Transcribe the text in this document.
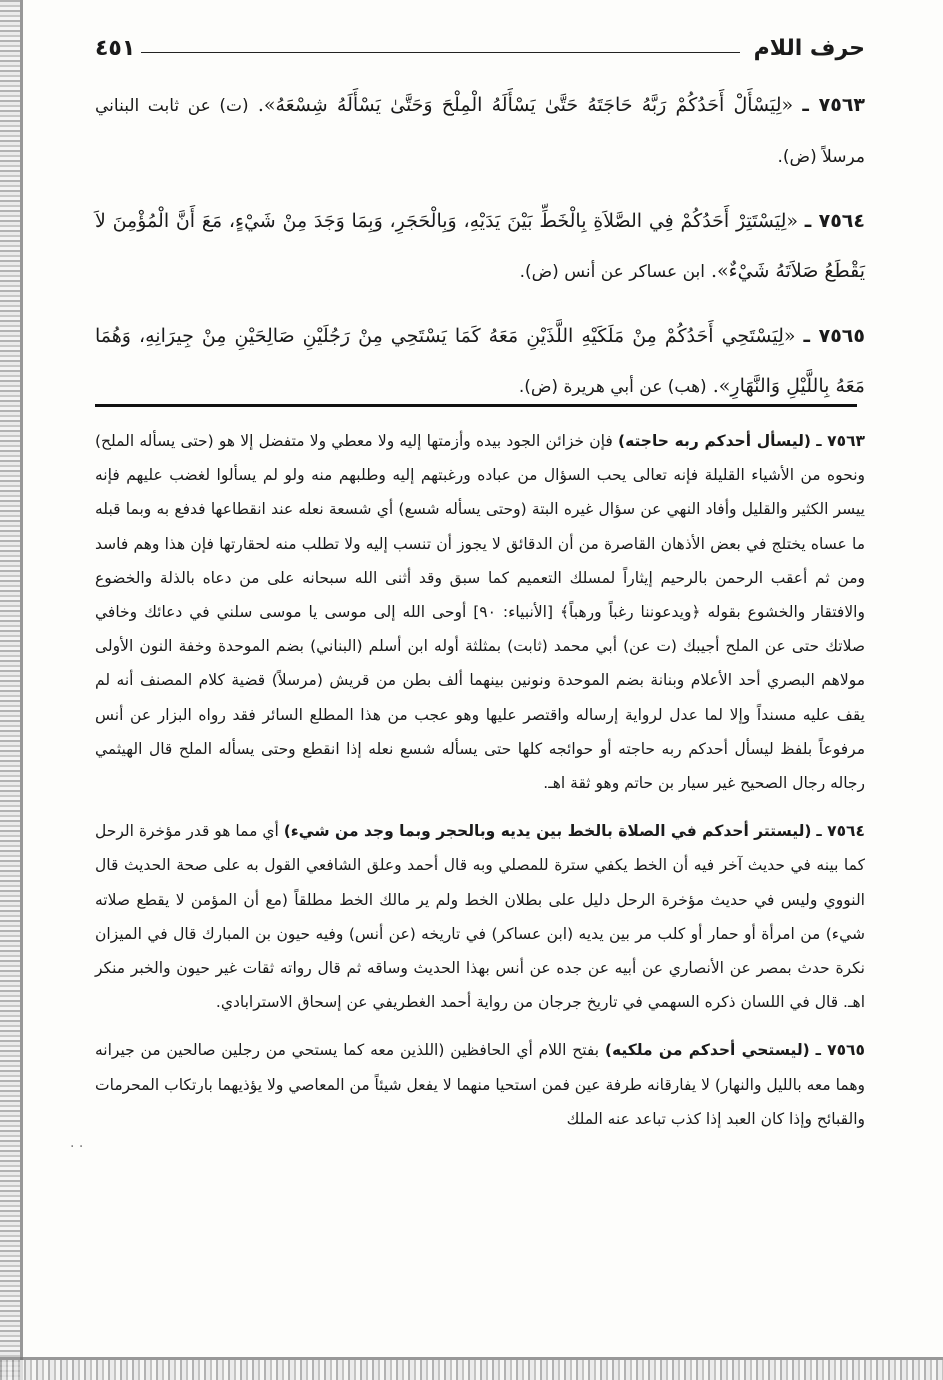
حرف اللام
٤٥١

٧٥٦٣ ـ «لِيَسْأَلْ أَحَدُكُمْ رَبَّهُ حَاجَتَهُ حَتَّىٰ يَسْأَلَهُ الْمِلْحَ وَحَتَّىٰ يَسْأَلَهُ شِسْعَهُ». (ت) عن ثابت البناني مرسلاً (ض).

٧٥٦٤ ـ «لِيَسْتَتِرْ أَحَدُكُمْ فِي الصَّلاَةِ بِالْخَطِّ بَيْنَ يَدَيْهِ، وَبِالْحَجَرِ، وَبِمَا وَجَدَ مِنْ شَيْءٍ، مَعَ أَنَّ الْمُؤْمِنَ لاَ يَقْطَعُ صَلاَتَهُ شَيْءٌ». ابن عساكر عن أنس (ض).

٧٥٦٥ ـ «لِيَسْتَحِي أَحَدُكُمْ مِنْ مَلَكَيْهِ اللَّذَيْنِ مَعَهُ كَمَا يَسْتَحِي مِنْ رَجُلَيْنِ صَالِحَيْنِ مِنْ جِيرَانِهِ، وَهُمَا مَعَهُ بِاللَّيْلِ وَالنَّهَارِ». (هب) عن أبي هريرة (ض).

٧٥٦٣ ـ (ليسأل أحدكم ربه حاجته) فإن خزائن الجود بيده وأزمتها إليه ولا معطي ولا متفضل إلا هو (حتى يسأله الملح) ونحوه من الأشياء القليلة فإنه تعالى يحب السؤال من عباده ورغبتهم إليه وطلبهم منه ولو لم يسألوا لغضب عليهم فإنه ييسر الكثير والقليل وأفاد النهي عن سؤال غيره البتة (وحتى يسأله شسع) أي شسعة نعله عند انقطاعها فدفع به وبما قبله ما عساه يختلج في بعض الأذهان القاصرة من أن الدقائق لا يجوز أن تنسب إليه ولا تطلب منه لحقارتها فإن هذا وهم فاسد ومن ثم أعقب الرحمن بالرحيم إيثاراً لمسلك التعميم كما سبق وقد أثنى الله سبحانه على من دعاه بالذلة والخضوع والافتقار والخشوع بقوله ﴿ويدعوننا رغباً ورهباً﴾ [الأنبياء: ٩٠] أوحى الله إلى موسى يا موسى سلني في دعائك وخافي صلاتك حتى عن الملح أجيبك (ت عن) أبي محمد (ثابت) بمثلثة أوله ابن أسلم (البناني) بضم الموحدة وخفة النون الأولى مولاهم البصري أحد الأعلام وبنانة بضم الموحدة ونونين بينهما ألف بطن من قريش (مرسلاً) قضية كلام المصنف أنه لم يقف عليه مسنداً وإلا لما عدل لرواية إرساله واقتصر عليها وهو عجب من هذا المطلع السائر فقد رواه البزار عن أنس مرفوعاً بلفظ ليسأل أحدكم ربه حاجته أو حوائجه كلها حتى يسأله شسع نعله إذا انقطع وحتى يسأله الملح قال الهيثمي رجاله رجال الصحيح غير سيار بن حاتم وهو ثقة اهـ.

٧٥٦٤ ـ (ليستتر أحدكم في الصلاة بالخط بين يديه وبالحجر وبما وجد من شيء) أي مما هو قدر مؤخرة الرحل كما بينه في حديث آخر فيه أن الخط يكفي سترة للمصلي وبه قال أحمد وعلق الشافعي القول به على صحة الحديث قال النووي وليس في حديث مؤخرة الرحل دليل على بطلان الخط ولم ير مالك الخط مطلقاً (مع أن المؤمن لا يقطع صلاته شيء) من امرأة أو حمار أو كلب مر بين يديه (ابن عساكر) في تاريخه (عن أنس) وفيه حيون بن المبارك قال في الميزان نكرة حدث بمصر عن الأنصاري عن أبيه عن جده عن أنس بهذا الحديث وساقه ثم قال رواته ثقات غير حيون والخبر منكر اهـ. قال في اللسان ذكره السهمي في تاريخ جرجان من رواية أحمد الغطريفي عن إسحاق الاسترابادي.

٧٥٦٥ ـ (ليستحي أحدكم من ملكيه) بفتح اللام أي الحافظين (اللذين معه كما يستحي من رجلين صالحين من جيرانه وهما معه بالليل والنهار) لا يفارقانه طرفة عين فمن استحيا منهما لا يفعل شيئاً من المعاصي ولا يؤذيهما بارتكاب المحرمات والقبائح وإذا كان العبد إذا كذب تباعد عنه الملك

. .
